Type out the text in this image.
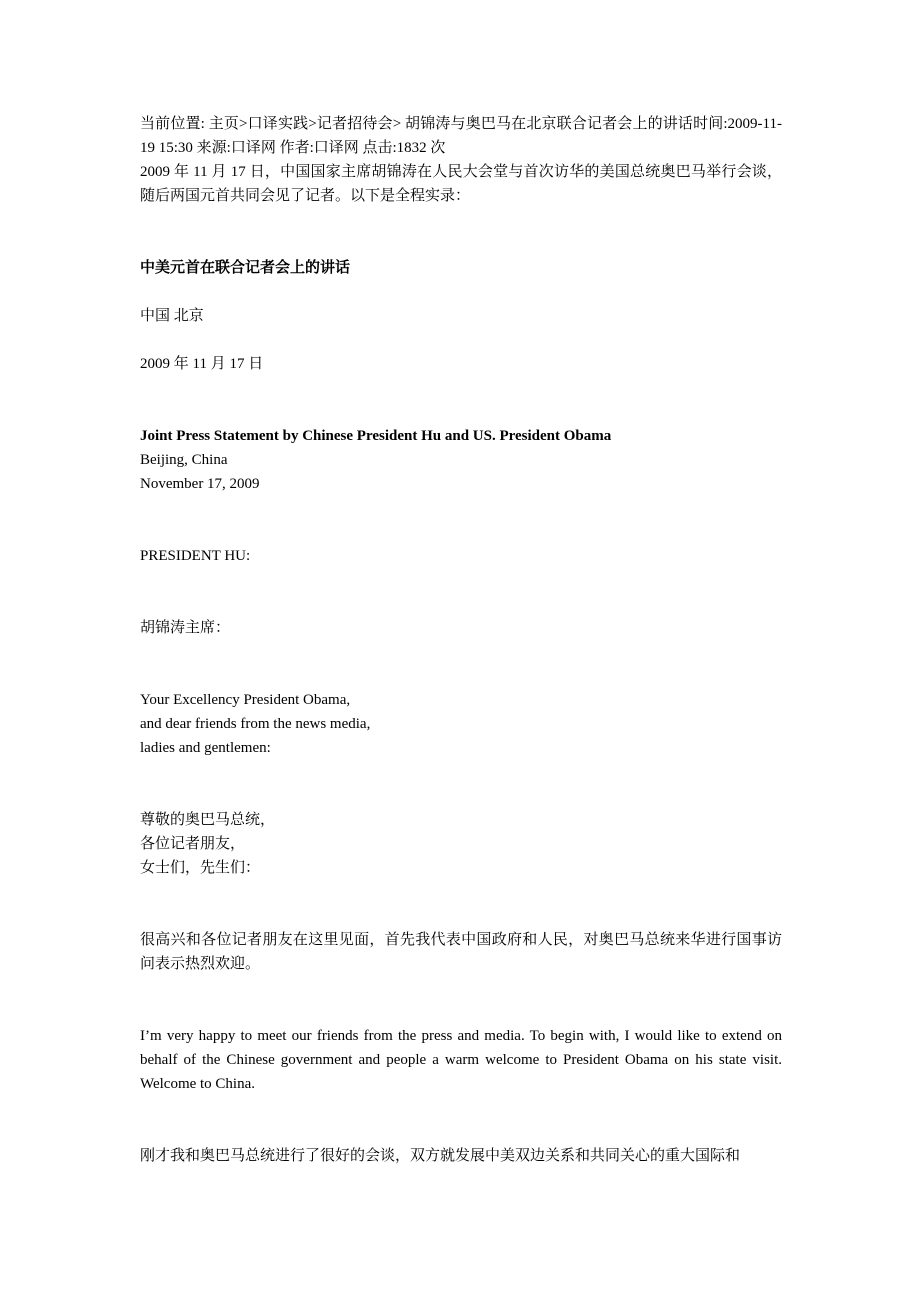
当前位置: 主页>口译实践>记者招待会> 胡锦涛与奥巴马在北京联合记者会上的讲话时间:2009-11-19 15:30 来源:口译网 作者:口译网 点击:1832 次

2009 年 11 月 17 日，中国国家主席胡锦涛在人民大会堂与首次访华的美国总统奥巴马举行会谈，随后两国元首共同会见了记者。以下是全程实录：

中美元首在联合记者会上的讲话

中国 北京

2009 年 11 月 17 日

Joint Press Statement by Chinese President Hu and US. President Obama

Beijing, China

November 17, 2009

PRESIDENT HU:

胡锦涛主席：

Your Excellency President Obama,
and dear friends from the news media,
ladies and gentlemen:
尊敬的奥巴马总统，
各位记者朋友，
女士们，先生们：

很高兴和各位记者朋友在这里见面，首先我代表中国政府和人民，对奥巴马总统来华进行国事访问表示热烈欢迎。

I’m very happy to meet our friends from the press and media. To begin with, I would like to extend on behalf of the Chinese government and people a warm welcome to President Obama on his state visit. Welcome to China.

刚才我和奥巴马总统进行了很好的会谈，双方就发展中美双边关系和共同关心的重大国际和
